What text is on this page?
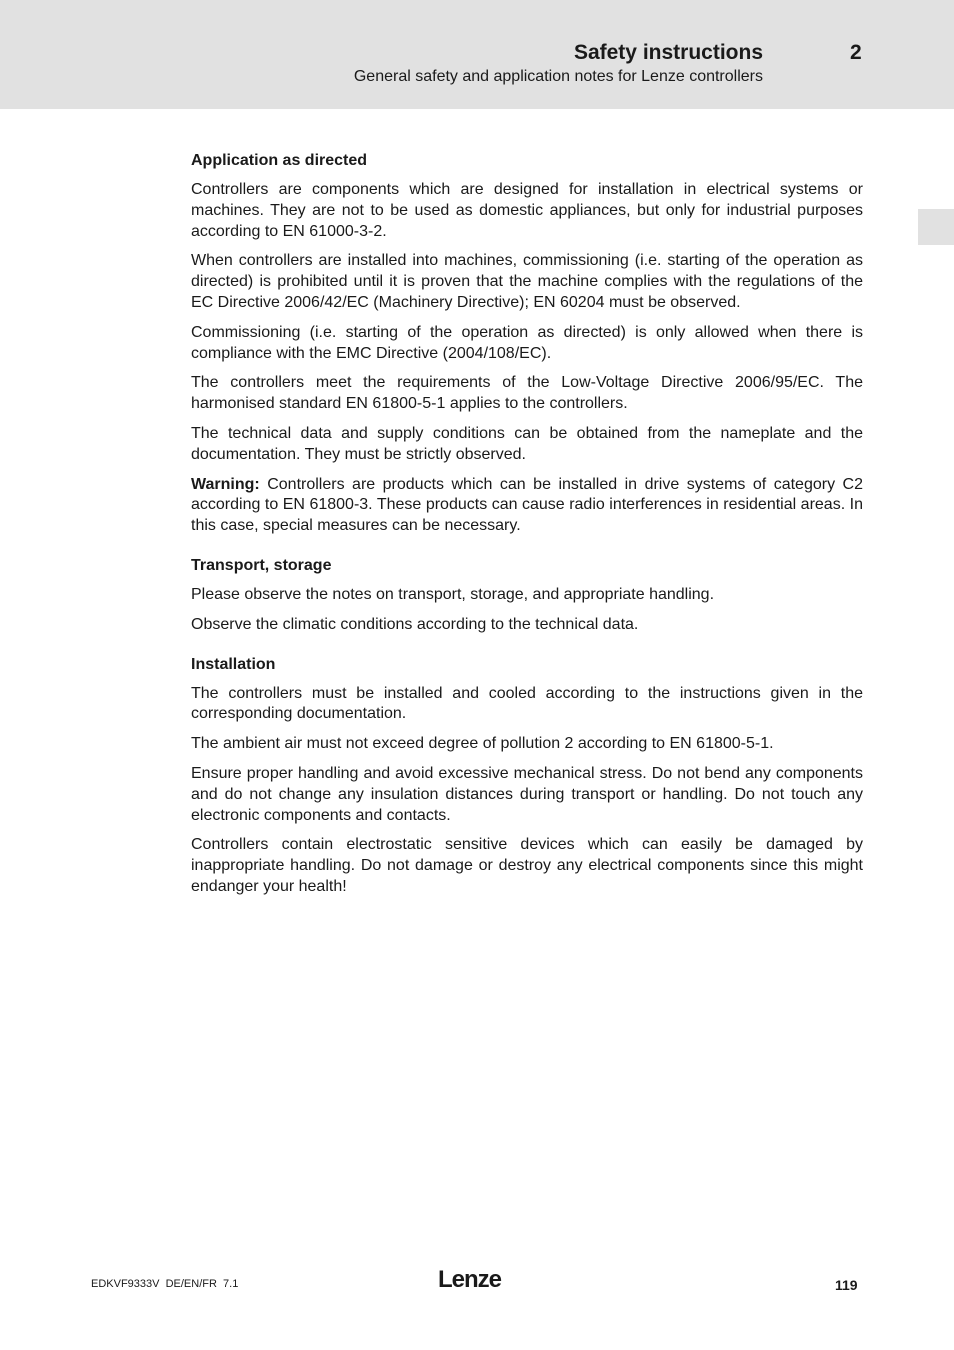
Safety instructions	2
General safety and application notes for Lenze controllers
Application as directed

Controllers are components which are designed for installation in electrical systems or machines. They are not to be used as domestic appliances, but only for industrial purposes according to EN 61000-3-2.

When controllers are installed into machines, commissioning (i.e. starting of the operation as directed) is prohibited until it is proven that the machine complies with the regulations of the EC Directive 2006/42/EC (Machinery Directive); EN 60204 must be observed.

Commissioning (i.e. starting of the operation as directed) is only allowed when there is compliance with the EMC Directive (2004/108/EC).

The controllers meet the requirements of the Low-Voltage Directive 2006/95/EC. The harmonised standard EN 61800-5-1 applies to the controllers.

The technical data and supply conditions can be obtained from the nameplate and the documentation. They must be strictly observed.

Warning: Controllers are products which can be installed in drive systems of category C2 according to EN 61800-3. These products can cause radio interferences in residential areas. In this case, special measures can be necessary.

Transport, storage

Please observe the notes on transport, storage, and appropriate handling.

Observe the climatic conditions according to the technical data.

Installation

The controllers must be installed and cooled according to the instructions given in the corresponding documentation.

The ambient air must not exceed degree of pollution 2 according to EN 61800-5-1.

Ensure proper handling and avoid excessive mechanical stress. Do not bend any components and do not change any insulation distances during transport or handling. Do not touch any electronic components and contacts.

Controllers contain electrostatic sensitive devices which can easily be damaged by inappropriate handling. Do not damage or destroy any electrical components since this might endanger your health!

EDKVF9333V  DE/EN/FR  7.1	Lenze	119
